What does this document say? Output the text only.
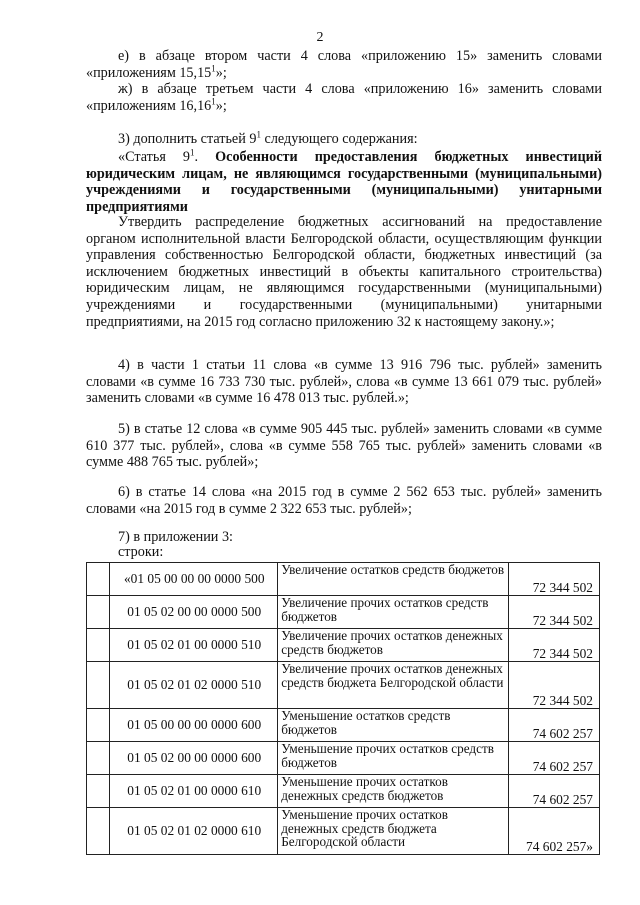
2

е) в абзаце втором части 4 слова «приложению 15» заменить словами «приложениям 15,15$^1$»;

ж) в абзаце третьем части 4 слова «приложению 16» заменить словами «приложениям 16,16$^1$»;

3) дополнить статьей $9^1$ следующего содержания:

«Статья $9^1$. Особенности предоставления бюджетных инвестиций юридическим лицам, не являющимся государственными (муниципальными) учреждениями и государственными (муниципальными) унитарными предприятиями

Утвердить распределение бюджетных ассигнований на предоставление органом исполнительной власти Белгородской области, осуществляющим функции управления собственностью Белгородской области, бюджетных инвестиций (за исключением бюджетных инвестиций в объекты капитального строительства) юридическим лицам, не являющимся государственными (муниципальными) учреждениями и государственными (муниципальными) унитарными предприятиями, на 2015 год согласно приложению 32 к настоящему закону.»;

4) в части 1 статьи 11 слова «в сумме 13 916 796 тыс. рублей» заменить словами «в сумме 16 733 730 тыс. рублей», слова «в сумме 13 661 079 тыс. рублей» заменить словами «в сумме 16 478 013 тыс. рублей.»;

5) в статье 12 слова «в сумме 905 445 тыс. рублей» заменить словами «в сумме 610 377 тыс. рублей», слова «в сумме 558 765 тыс. рублей» заменить словами «в сумме 488 765 тыс. рублей»;

6) в статье 14 слова «на 2015 год в сумме 2 562 653 тыс. рублей» заменить словами «на 2015 год в сумме 2 322 653 тыс. рублей»;

7) в приложении 3:

строки:

	«01 05 00 00 00 0000 500	Увеличение остатков средств бюджетов	72 344 502
	01 05 02 00 00 0000 500	Увеличение прочих остатков средств бюджетов	72 344 502
	01 05 02 01 00 0000 510	Увеличение прочих остатков денежных средств бюджетов	72 344 502
	01 05 02 01 02 0000 510	Увеличение прочих остатков денежных средств бюджета Белгородской области	72 344 502
	01 05 00 00 00 0000 600	Уменьшение остатков средств бюджетов	74 602 257
	01 05 02 00 00 0000 600	Уменьшение прочих остатков средств бюджетов	74 602 257
	01 05 02 01 00 0000 610	Уменьшение прочих остатков денежных средств бюджетов	74 602 257
	01 05 02 01 02 0000 610	Уменьшение прочих остатков денежных средств бюджета Белгородской области	74 602 257»
